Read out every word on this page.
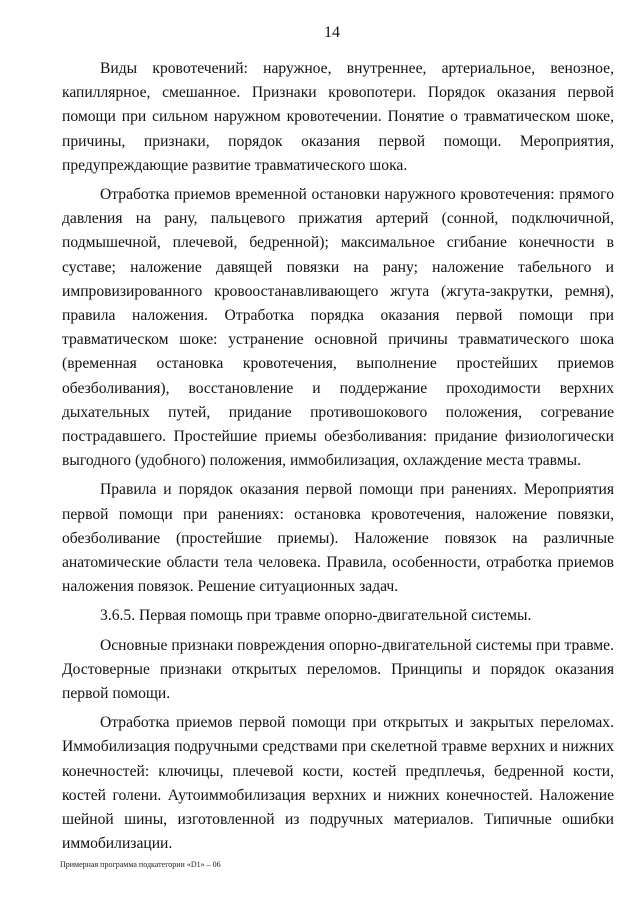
14

Виды кровотечений: наружное, внутреннее, артериальное, венозное, капиллярное, смешанное. Признаки кровопотери. Порядок оказания первой помощи при сильном наружном кровотечении. Понятие о травматическом шоке, причины, признаки, порядок оказания первой помощи. Мероприятия, предупреждающие развитие травматического шока.

Отработка приемов временной остановки наружного кровотечения: прямого давления на рану, пальцевого прижатия артерий (сонной, подключичной, подмышечной, плечевой, бедренной); максимальное сгибание конечности в суставе; наложение давящей повязки на рану; наложение табельного и импровизированного кровоостанавливающего жгута (жгута-закрутки, ремня), правила наложения. Отработка порядка оказания первой помощи при травматическом шоке: устранение основной причины травматического шока (временная остановка кровотечения, выполнение простейших приемов обезболивания), восстановление и поддержание проходимости верхних дыхательных путей, придание противошокового положения, согревание пострадавшего. Простейшие приемы обезболивания: придание физиологически выгодного (удобного) положения, иммобилизация, охлаждение места травмы.

Правила и порядок оказания первой помощи при ранениях. Мероприятия первой помощи при ранениях: остановка кровотечения, наложение повязки, обезболивание (простейшие приемы). Наложение повязок на различные анатомические области тела человека. Правила, особенности, отработка приемов наложения повязок. Решение ситуационных задач.

3.6.5. Первая помощь при травме опорно-двигательной системы.

Основные признаки повреждения опорно-двигательной системы при травме. Достоверные признаки открытых переломов. Принципы и порядок оказания первой помощи.

Отработка приемов первой помощи при открытых и закрытых переломах. Иммобилизация подручными средствами при скелетной травме верхних и нижних конечностей: ключицы, плечевой кости, костей предплечья, бедренной кости, костей голени. Аутоиммобилизация верхних и нижних конечностей. Наложение шейной шины, изготовленной из подручных материалов. Типичные ошибки иммобилизации.

Примерная программа подкатегории «D1» – 06
